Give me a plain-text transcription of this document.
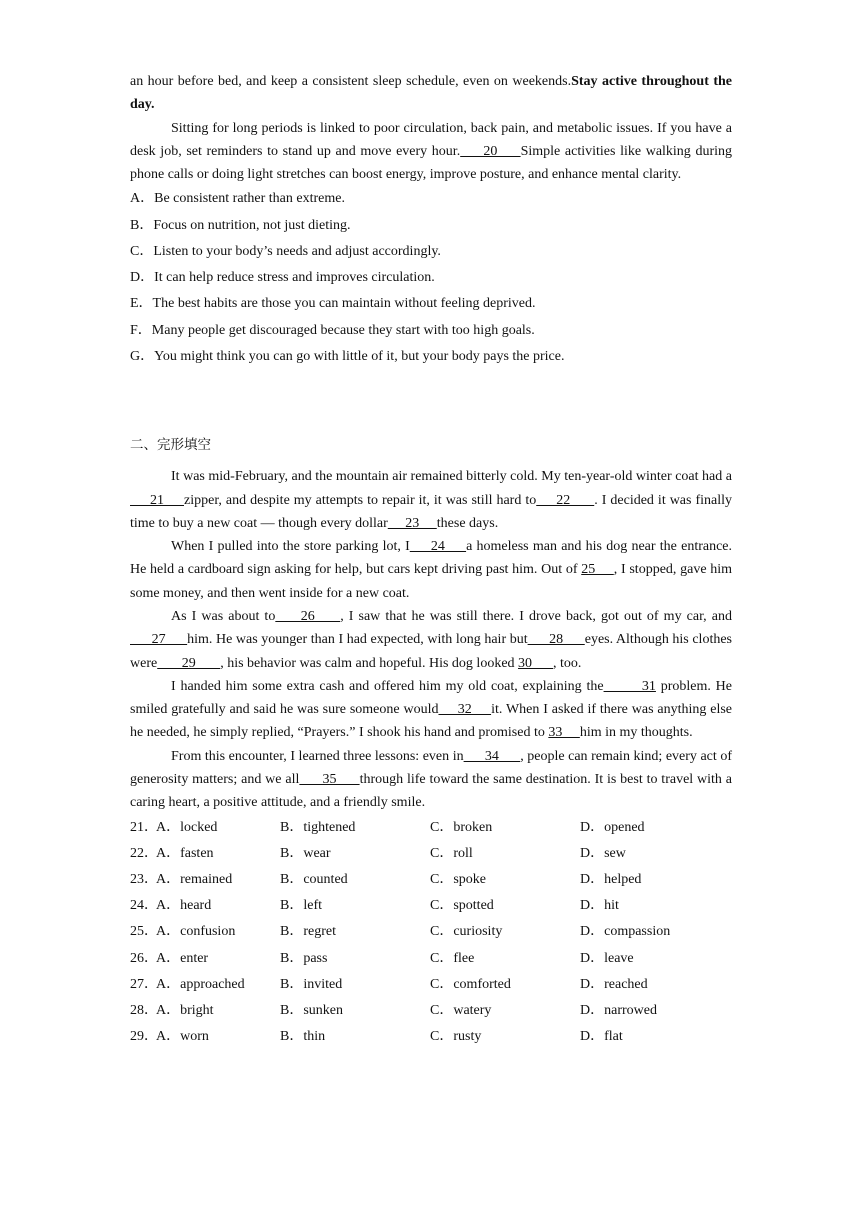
an hour before bed, and keep a consistent sleep schedule, even on weekends.Stay active throughout the day.

Sitting for long periods is linked to poor circulation, back pain, and metabolic issues. If you have a desk job, set reminders to stand up and move every hour.     20     Simple activities like walking during phone calls or doing light stretches can boost energy, improve posture, and enhance mental clarity.

A．Be consistent rather than extreme.

B．Focus on nutrition, not just dieting.

C．Listen to your body’s needs and adjust accordingly.

D．It can help reduce stress and improves circulation.

E．The best habits are those you can maintain without feeling deprived.

F．Many people get discouraged because they start with too high goals.

G．You might think you can go with little of it, but your body pays the price.

二、完形填空

It was mid-February, and the mountain air remained bitterly cold. My ten-year-old winter coat had a     21     zipper, and despite my attempts to repair it, it was still hard to     22      . I decided it was finally time to buy a new coat — though every dollar     23     these days.

When I pulled into the store parking lot, I     24     a homeless man and his dog near the entrance. He held a cardboard sign asking for help, but cars kept driving past him. Out of 25     , I stopped, gave him some money, and then went inside for a new coat.

As I was about to     26     , I saw that he was still there. I drove back, got out of my car, and      27      him. He was younger than I had expected, with long hair but      28      eyes. Although his clothes were       29       , his behavior was calm and hopeful. His dog looked 30      , too.

I handed him some extra cash and offered him my old coat, explaining the        31 problem. He smiled gratefully and said he was sure someone would     32     it. When I asked if there was anything else he needed, he simply replied, “Prayers.” I shook his hand and promised to 33     him in my thoughts.

From this encounter, I learned three lessons: even in      34      , people can remain kind; every act of generosity matters; and we all      35      through life toward the same destination. It is best to travel with a caring heart, a positive attitude, and a friendly smile.

21．
A．locked	B．tightened	C．broken	D．opened
22．
A．fasten	B．wear	C．roll	D．sew
23．
A．remained	B．counted	C．spoke	D．helped
24．
A．heard	B．left	C．spotted	D．hit
25．
A．confusion	B．regret	C．curiosity	D．compassion
26．
A．enter	B．pass	C．flee	D．leave
27．
A．approached	B．invited	C．comforted	D．reached
28．
A．bright	B．sunken	C．watery	D．narrowed
29．
A．worn	B．thin	C．rusty	D．flat
